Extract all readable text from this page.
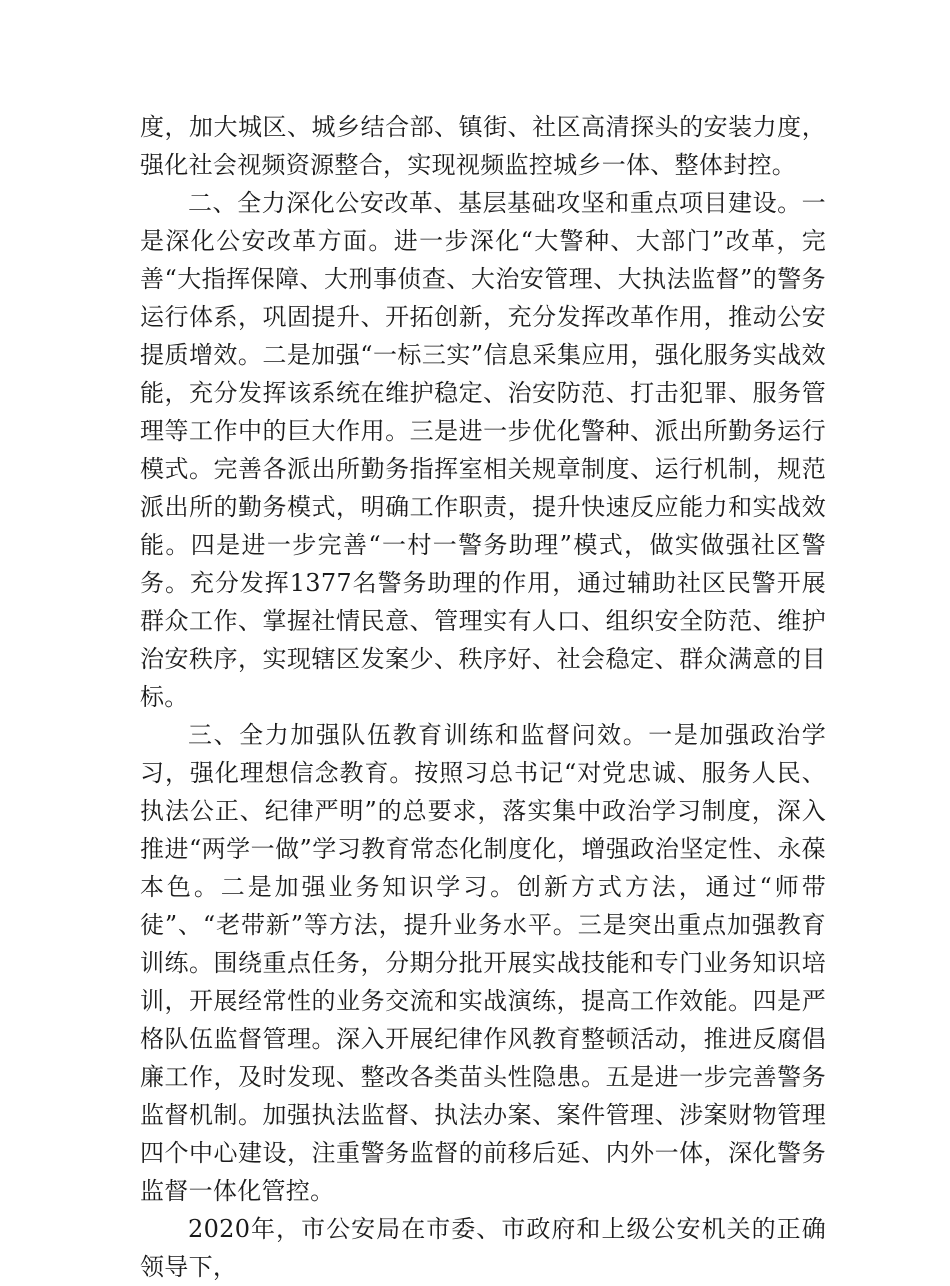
度，加大城区、城乡结合部、镇街、社区高清探头的安装力度，强化社会视频资源整合，实现视频监控城乡一体、整体封控。

二、全力深化公安改革、基层基础攻坚和重点项目建设。一是深化公安改革方面。进一步深化“大警种、大部门”改革，完善“大指挥保障、大刑事侦查、大治安管理、大执法监督”的警务运行体系，巩固提升、开拓创新，充分发挥改革作用，推动公安提质增效。二是加强“一标三实”信息采集应用，强化服务实战效能，充分发挥该系统在维护稳定、治安防范、打击犯罪、服务管理等工作中的巨大作用。三是进一步优化警种、派出所勤务运行模式。完善各派出所勤务指挥室相关规章制度、运行机制，规范派出所的勤务模式，明确工作职责，提升快速反应能力和实战效能。四是进一步完善“一村一警务助理”模式，做实做强社区警务。充分发挥1377名警务助理的作用，通过辅助社区民警开展群众工作、掌握社情民意、管理实有人口、组织安全防范、维护治安秩序，实现辖区发案少、秩序好、社会稳定、群众满意的目标。

三、全力加强队伍教育训练和监督问效。一是加强政治学习，强化理想信念教育。按照习总书记“对党忠诚、服务人民、执法公正、纪律严明”的总要求，落实集中政治学习制度，深入推进“两学一做”学习教育常态化制度化，增强政治坚定性、永葆本色。二是加强业务知识学习。创新方式方法，通过“师带徒”、“老带新”等方法，提升业务水平。三是突出重点加强教育训练。围绕重点任务，分期分批开展实战技能和专门业务知识培训，开展经常性的业务交流和实战演练，提高工作效能。四是严格队伍监督管理。深入开展纪律作风教育整顿活动，推进反腐倡廉工作，及时发现、整改各类苗头性隐患。五是进一步完善警务监督机制。加强执法监督、执法办案、案件管理、涉案财物管理四个中心建设，注重警务监督的前移后延、内外一体，深化警务监督一体化管控。

2020年，市公安局在市委、市政府和上级公安机关的正确领导下，
